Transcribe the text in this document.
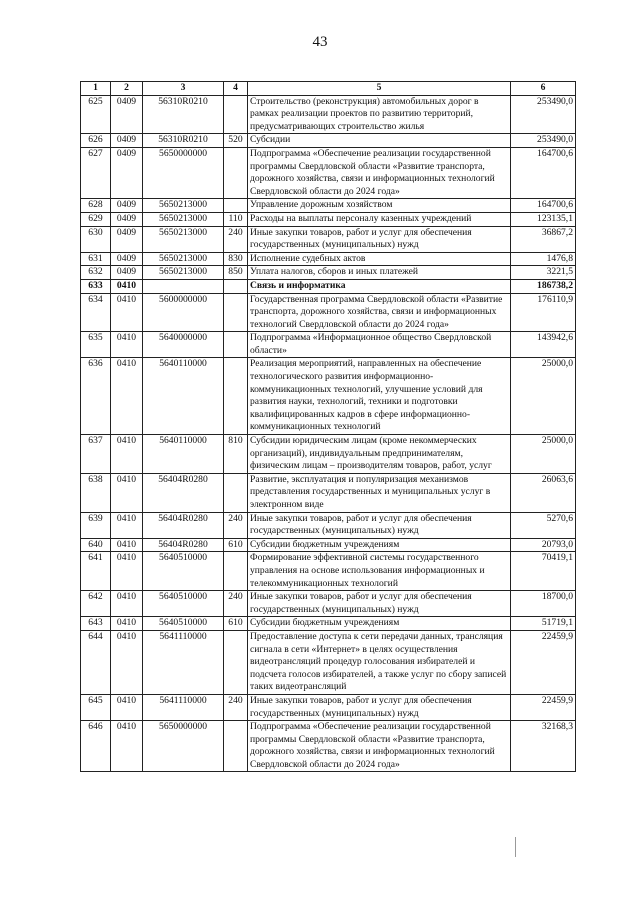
43
1	2	3	4	5	6
625	0409	56310R0210		Строительство (реконструкция) автомобильных дорог в рамках реализации проектов по развитию территорий, предусматривающих строительство жилья	253490,0
626	0409	56310R0210	520	Субсидии	253490,0
627	0409	5650000000		Подпрограмма «Обеспечение реализации государственной программы Свердловской области «Развитие транспорта, дорожного хозяйства, связи и информационных технологий Свердловской области до 2024 года»	164700,6
628	0409	5650213000		Управление дорожным хозяйством	164700,6
629	0409	5650213000	110	Расходы на выплаты персоналу казенных учреждений	123135,1
630	0409	5650213000	240	Иные закупки товаров, работ и услуг для обеспечения государственных (муниципальных) нужд	36867,2
631	0409	5650213000	830	Исполнение судебных актов	1476,8
632	0409	5650213000	850	Уплата налогов, сборов и иных платежей	3221,5
633	0410			Связь и информатика	186738,2
634	0410	5600000000		Государственная программа Свердловской области «Развитие транспорта, дорожного хозяйства, связи и информационных технологий Свердловской области до 2024 года»	176110,9
635	0410	5640000000		Подпрограмма «Информационное общество Свердловской области»	143942,6
636	0410	5640110000		Реализация мероприятий, направленных на обеспечение технологического развития информационно-коммуникационных технологий, улучшение условий для развития науки, технологий, техники и подготовки квалифицированных кадров в сфере информационно-коммуникационных технологий	25000,0
637	0410	5640110000	810	Субсидии юридическим лицам (кроме некоммерческих организаций), индивидуальным предпринимателям, физическим лицам – производителям товаров, работ, услуг	25000,0
638	0410	56404R0280		Развитие, эксплуатация и популяризация механизмов представления государственных и муниципальных услуг в электронном виде	26063,6
639	0410	56404R0280	240	Иные закупки товаров, работ и услуг для обеспечения государственных (муниципальных) нужд	5270,6
640	0410	56404R0280	610	Субсидии бюджетным учреждениям	20793,0
641	0410	5640510000		Формирование эффективной системы государственного управления на основе использования информационных и телекоммуникационных технологий	70419,1
642	0410	5640510000	240	Иные закупки товаров, работ и услуг для обеспечения государственных (муниципальных) нужд	18700,0
643	0410	5640510000	610	Субсидии бюджетным учреждениям	51719,1
644	0410	5641110000		Предоставление доступа к сети передачи данных, трансляция сигнала в сети «Интернет» в целях осуществления видеотрансляций процедур голосования избирателей и подсчета голосов избирателей, а также услуг по сбору записей таких видеотрансляций	22459,9
645	0410	5641110000	240	Иные закупки товаров, работ и услуг для обеспечения государственных (муниципальных) нужд	22459,9
646	0410	5650000000		Подпрограмма «Обеспечение реализации государственной программы Свердловской области «Развитие транспорта, дорожного хозяйства, связи и информационных технологий Свердловской области до 2024 года»	32168,3
